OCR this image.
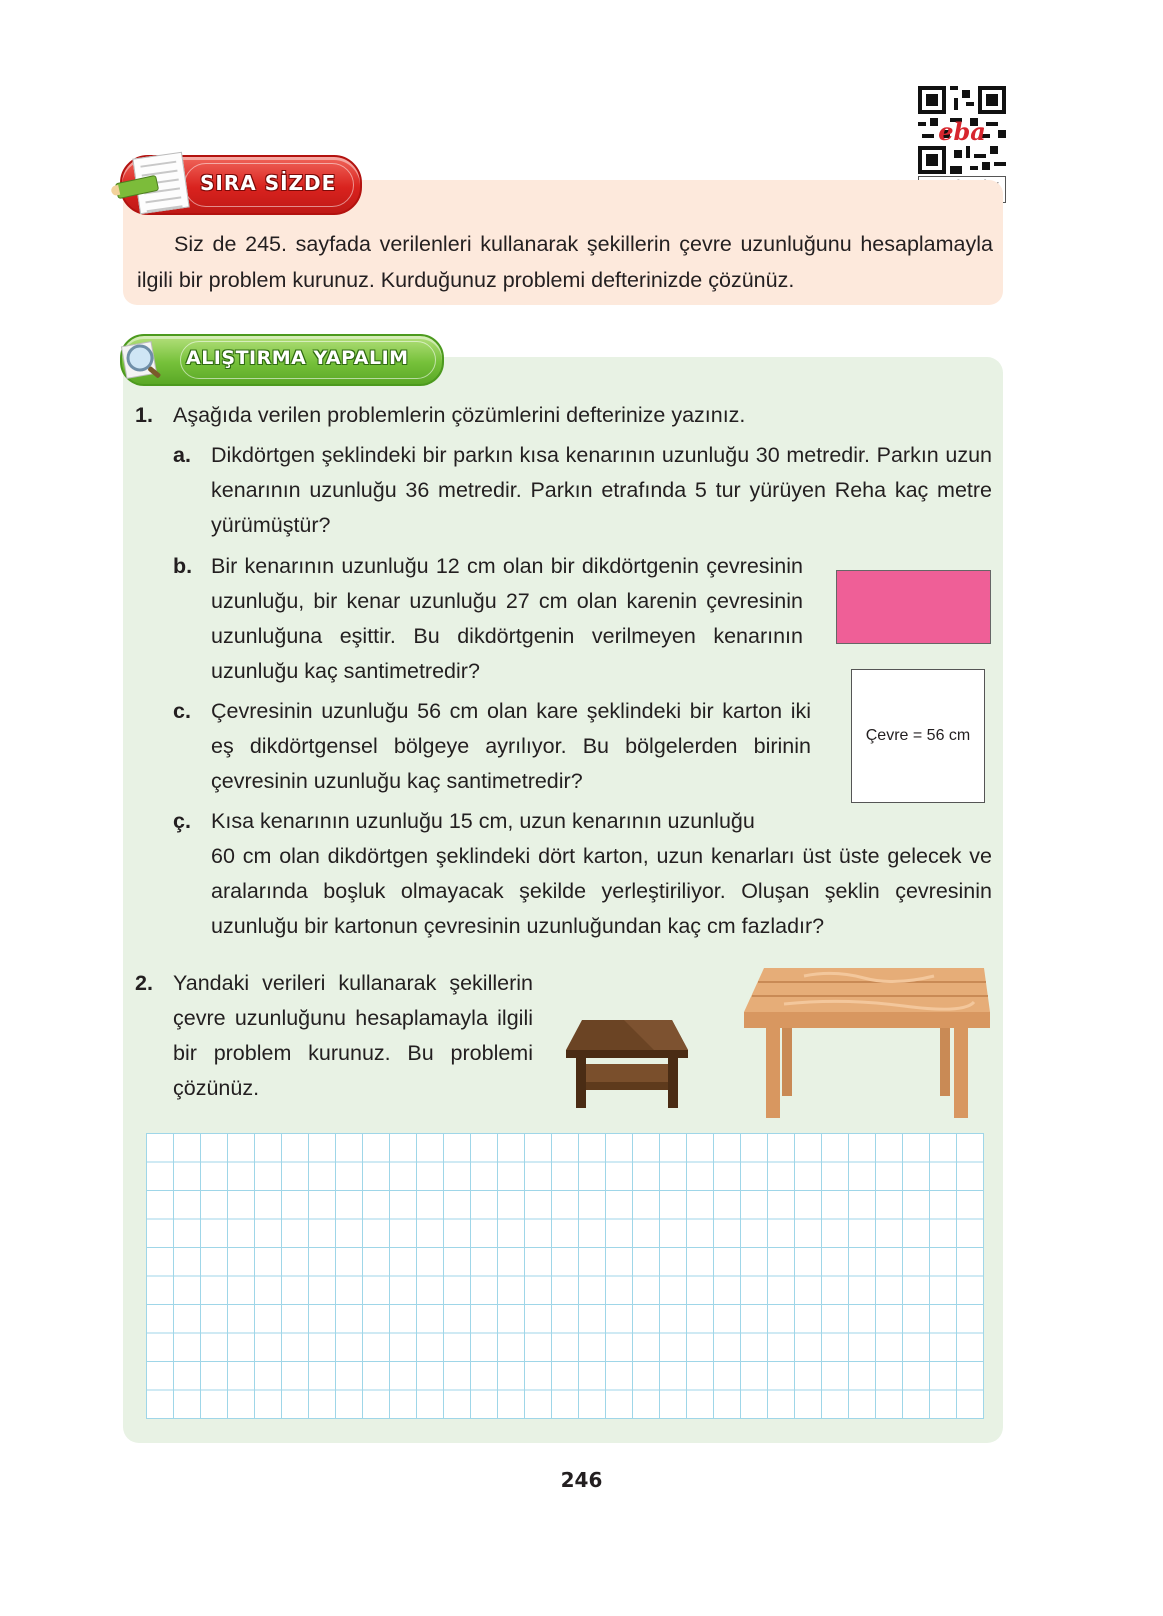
eba
SIRA SİZDE

Siz de 245. sayfada verilenleri kullanarak şekillerin çevre uzunluğunu hesaplamayla ilgili bir problem kurunuz. Kurduğunuz problemi defterinizde çözünüz.

ALIŞTIRMA YAPALIM
1. Aşağıda verilen problemlerin çözümlerini defterinize yazınız.
a. Dikdörtgen şeklindeki bir parkın kısa kenarının uzunluğu 30 metredir. Parkın uzun kenarının uzunluğu 36 metredir. Parkın etrafında 5 tur yürüyen Reha kaç metre yürümüştür?
b. Bir kenarının uzunluğu 12 cm olan bir dikdörtgenin çevresinin uzunluğu, bir kenar uzunluğu 27 cm olan karenin çevresinin uzunluğuna eşittir. Bu dikdörtgenin verilmeyen kenarının uzunluğu kaç santimetredir?
c. Çevresinin uzunluğu 56 cm olan kare şeklindeki bir karton iki eş dikdörtgensel bölgeye ayrılıyor. Bu bölgelerden birinin çevresinin uzunluğu kaç santimetredir?
ç. Kısa kenarının uzunluğu 15 cm, uzun kenarının uzunluğu
60 cm olan dikdörtgen şeklindeki dört karton, uzun kenarları üst üste gelecek ve aralarında boşluk olmayacak şekilde yerleştiriliyor. Oluşan şeklin çevresinin uzunluğu bir kartonun çevresinin uzunluğundan kaç cm fazladır?
Çevre = 56 cm
2. Yandaki verileri kullanarak şekillerin çevre uzunluğunu hesaplamayla ilgili bir problem kurunuz. Bu problemi çözünüz.
246
